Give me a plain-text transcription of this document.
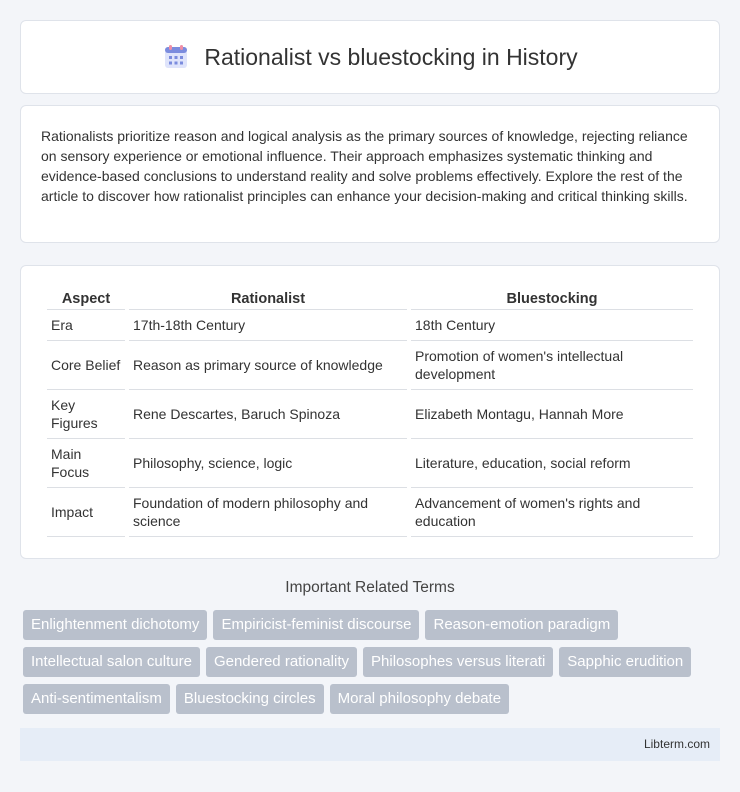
Rationalist vs bluestocking in History

Rationalists prioritize reason and logical analysis as the primary sources of knowledge, rejecting reliance on sensory experience or emotional influence. Their approach emphasizes systematic thinking and evidence-based conclusions to understand reality and solve problems effectively. Explore the rest of the article to discover how rationalist principles can enhance your decision-making and critical thinking skills.

Aspect	Rationalist	Bluestocking
Era	17th-18th Century	18th Century
Core Belief	Reason as primary source of knowledge	Promotion of women's intellectual development
Key Figures	Rene Descartes, Baruch Spinoza	Elizabeth Montagu, Hannah More
Main Focus	Philosophy, science, logic	Literature, education, social reform
Impact	Foundation of modern philosophy and science	Advancement of women's rights and education
Important Related Terms
Enlightenment dichotomy	Empiricist-feminist discourse	Reason-emotion paradigm
Intellectual salon culture	Gendered rationality	Philosophes versus literati	Sapphic erudition
Anti-sentimentalism	Bluestocking circles	Moral philosophy debate
Libterm.com
